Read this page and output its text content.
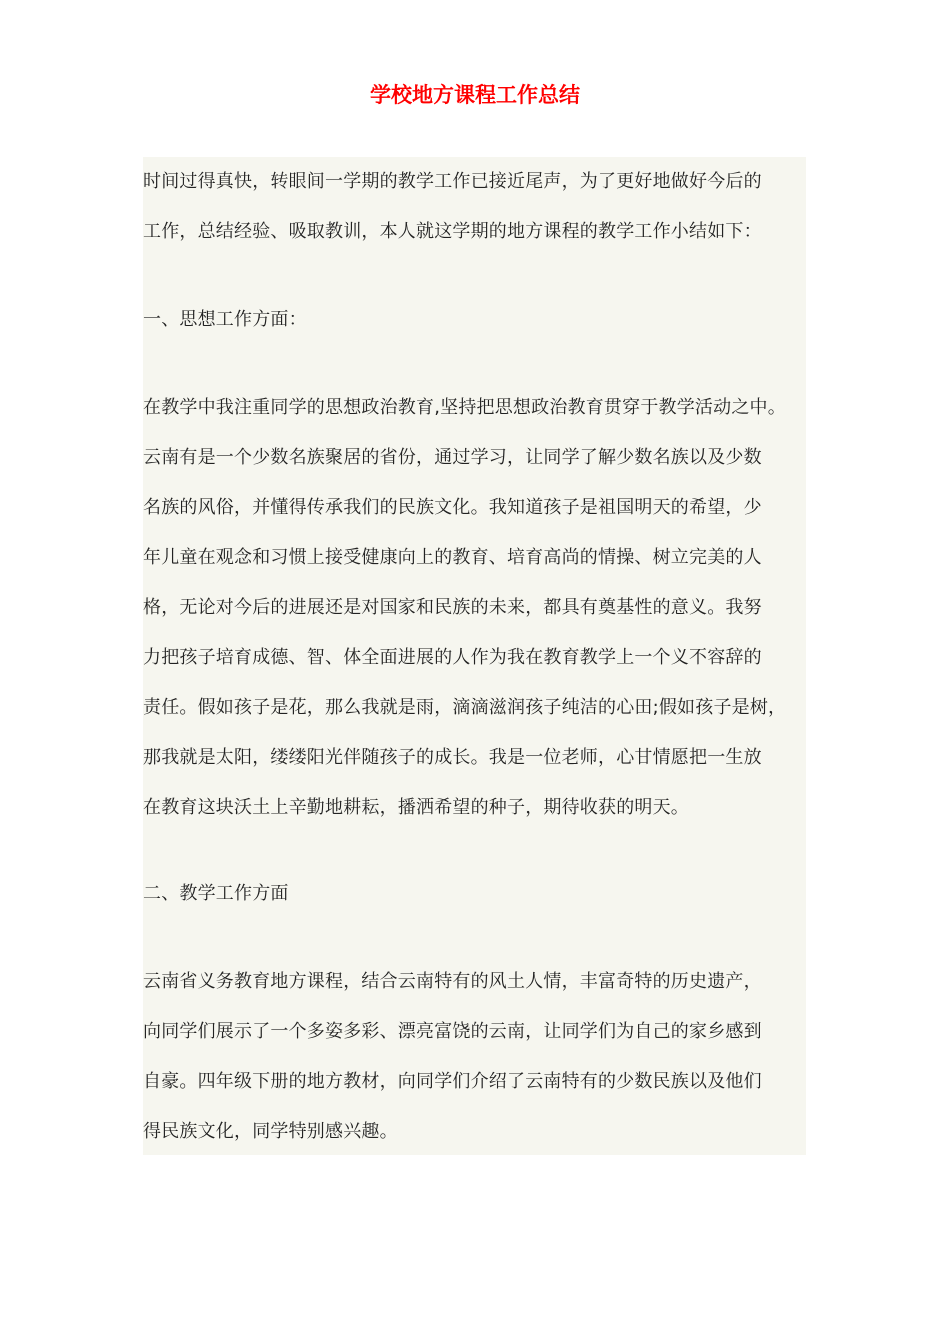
学校地方课程工作总结

时间过得真快，转眼间一学期的教学工作已接近尾声，为了更好地做好今后的
工作，总结经验、吸取教训，本人就这学期的地方课程的教学工作小结如下：

一、思想工作方面：

在教学中我注重同学的思想政治教育,坚持把思想政治教育贯穿于教学活动之中。
云南有是一个少数名族聚居的省份，通过学习，让同学了解少数名族以及少数
名族的风俗，并懂得传承我们的民族文化。我知道孩子是祖国明天的希望，少
年儿童在观念和习惯上接受健康向上的教育、培育高尚的情操、树立完美的人
格，无论对今后的进展还是对国家和民族的未来，都具有奠基性的意义。我努
力把孩子培育成德、智、体全面进展的人作为我在教育教学上一个义不容辞的
责任。假如孩子是花，那么我就是雨，滴滴滋润孩子纯洁的心田;假如孩子是树，
那我就是太阳，缕缕阳光伴随孩子的成长。我是一位老师，心甘情愿把一生放
在教育这块沃土上辛勤地耕耘，播洒希望的种子，期待收获的明天。

二、教学工作方面

云南省义务教育地方课程，结合云南特有的风土人情，丰富奇特的历史遗产，
向同学们展示了一个多姿多彩、漂亮富饶的云南，让同学们为自己的家乡感到
自豪。四年级下册的地方教材，向同学们介绍了云南特有的少数民族以及他们
得民族文化，同学特别感兴趣。
